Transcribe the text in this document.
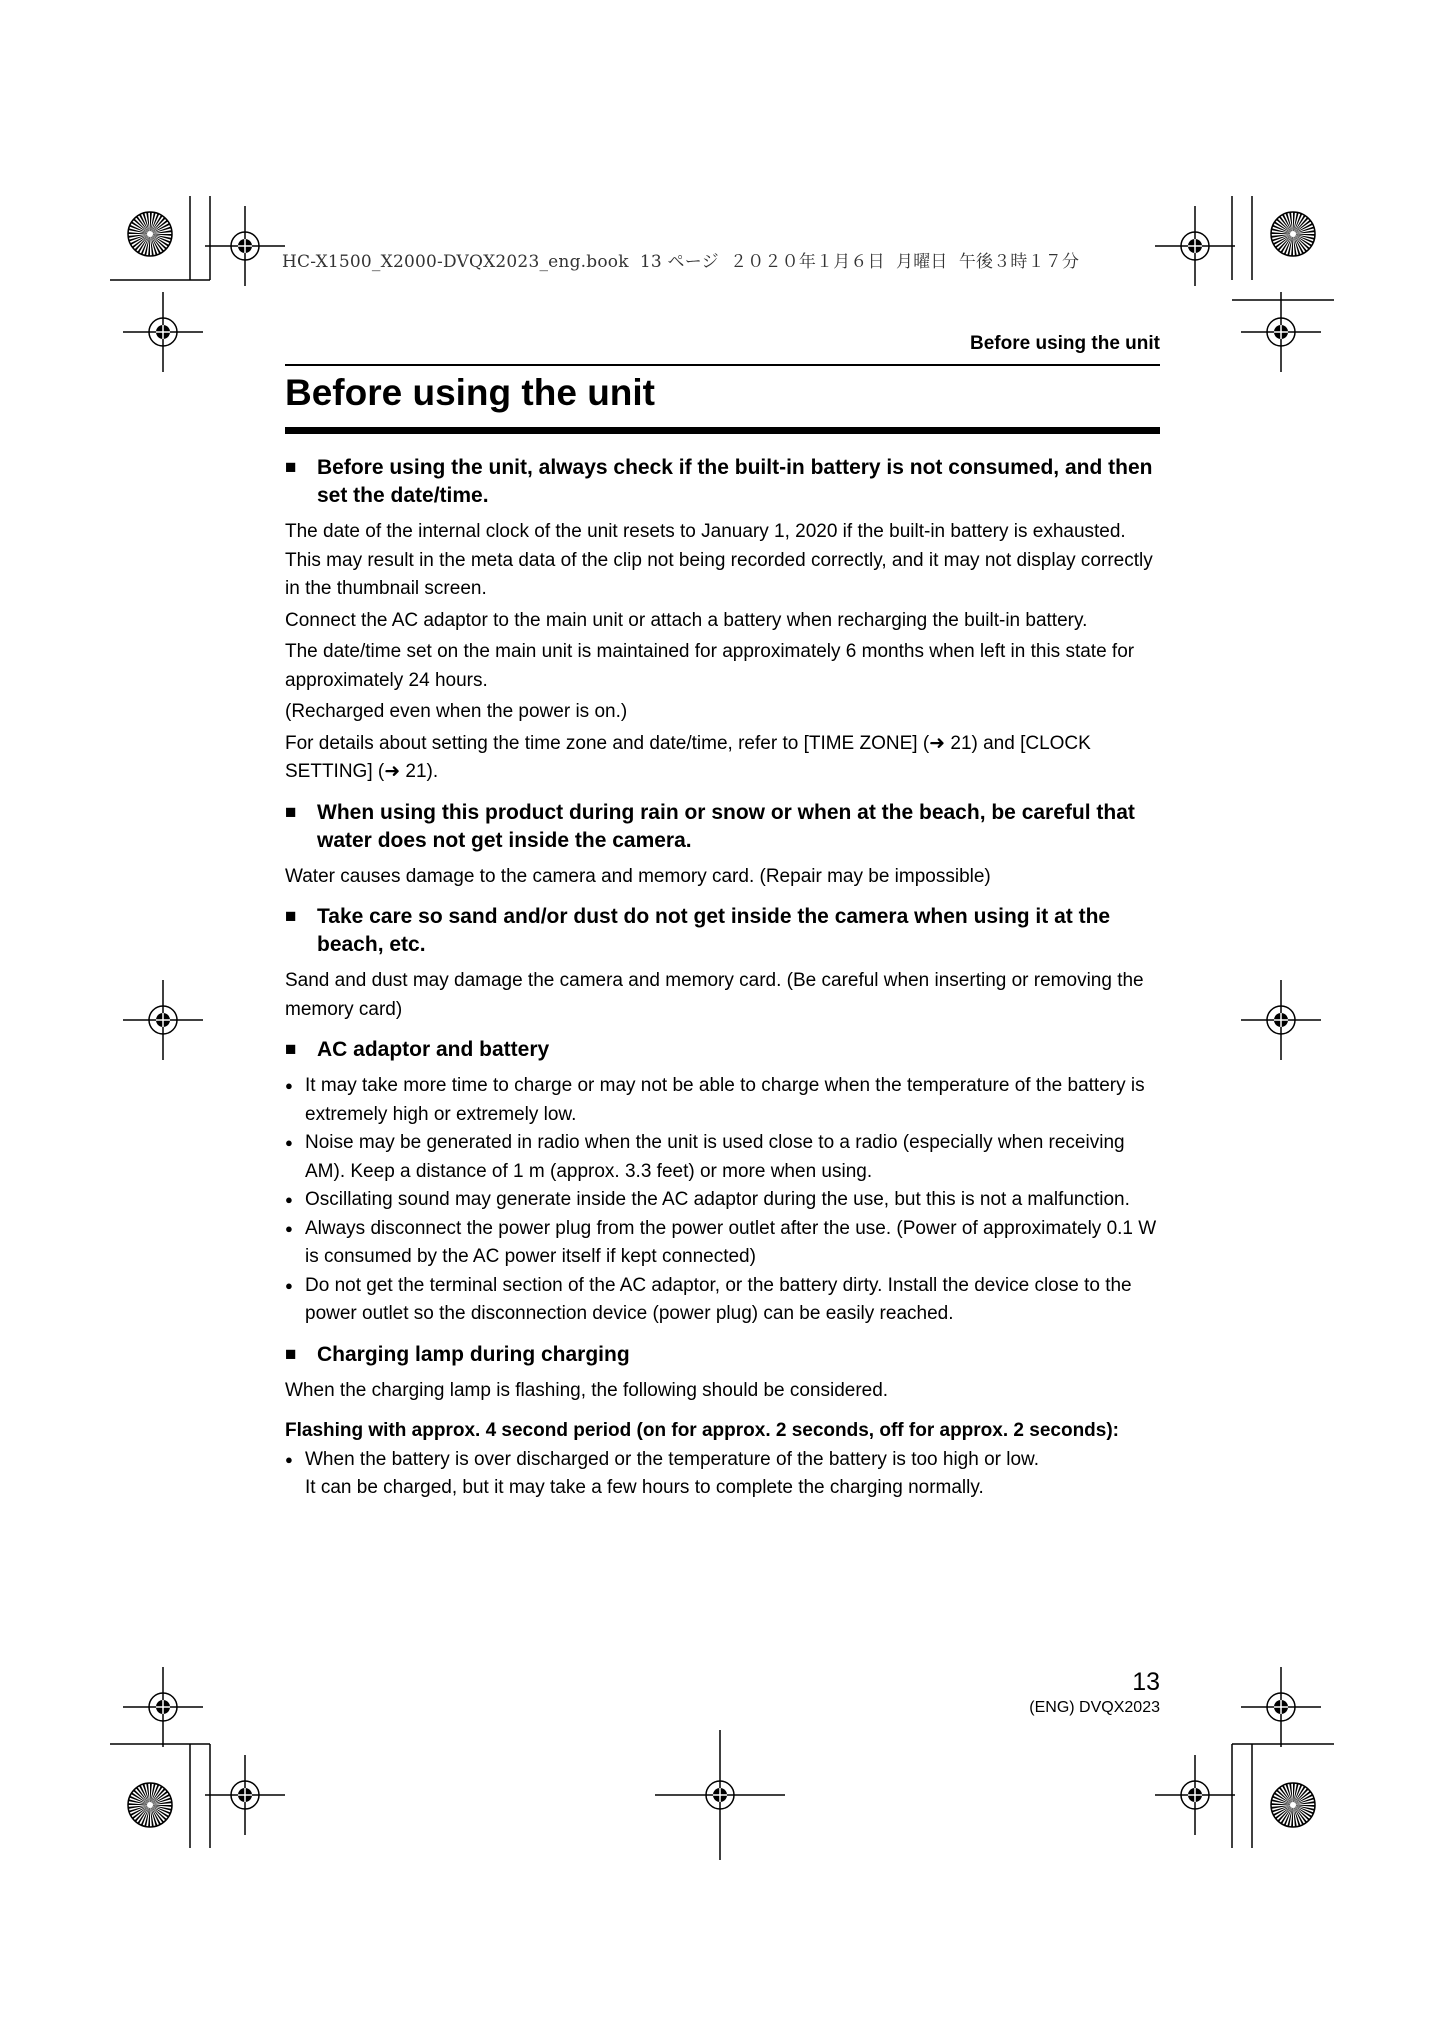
HC-X1500_X2000-DVQX2023_eng.book  13 ページ  ２０２０年１月６日  月曜日  午後３時１７分
Before using the unit
Before using the unit
■ Before using the unit, always check if the built-in battery is not consumed, and then set the date/time.

The date of the internal clock of the unit resets to January 1, 2020 if the built-in battery is exhausted. This may result in the meta data of the clip not being recorded correctly, and it may not display correctly in the thumbnail screen.

Connect the AC adaptor to the main unit or attach a battery when recharging the built-in battery.

The date/time set on the main unit is maintained for approximately 6 months when left in this state for approximately 24 hours.

(Recharged even when the power is on.)

For details about setting the time zone and date/time, refer to [TIME ZONE] (➜ 21) and [CLOCK SETTING] (➜ 21).

■ When using this product during rain or snow or when at the beach, be careful that water does not get inside the camera.

Water causes damage to the camera and memory card. (Repair may be impossible)

■ Take care so sand and/or dust do not get inside the camera when using it at the beach, etc.

Sand and dust may damage the camera and memory card. (Be careful when inserting or removing the memory card)

■ AC adaptor and battery
● It may take more time to charge or may not be able to charge when the temperature of the battery is extremely high or extremely low.
● Noise may be generated in radio when the unit is used close to a radio (especially when receiving AM). Keep a distance of 1 m (approx. 3.3 feet) or more when using.
● Oscillating sound may generate inside the AC adaptor during the use, but this is not a malfunction.
● Always disconnect the power plug from the power outlet after the use. (Power of approximately 0.1 W is consumed by the AC power itself if kept connected)
● Do not get the terminal section of the AC adaptor, or the battery dirty. Install the device close to the power outlet so the disconnection device (power plug) can be easily reached.
■ Charging lamp during charging

When the charging lamp is flashing, the following should be considered.

Flashing with approx. 4 second period (on for approx. 2 seconds, off for approx. 2 seconds):

● When the battery is over discharged or the temperature of the battery is too high or low.
It can be charged, but it may take a few hours to complete the charging normally.
13
(ENG) DVQX2023
